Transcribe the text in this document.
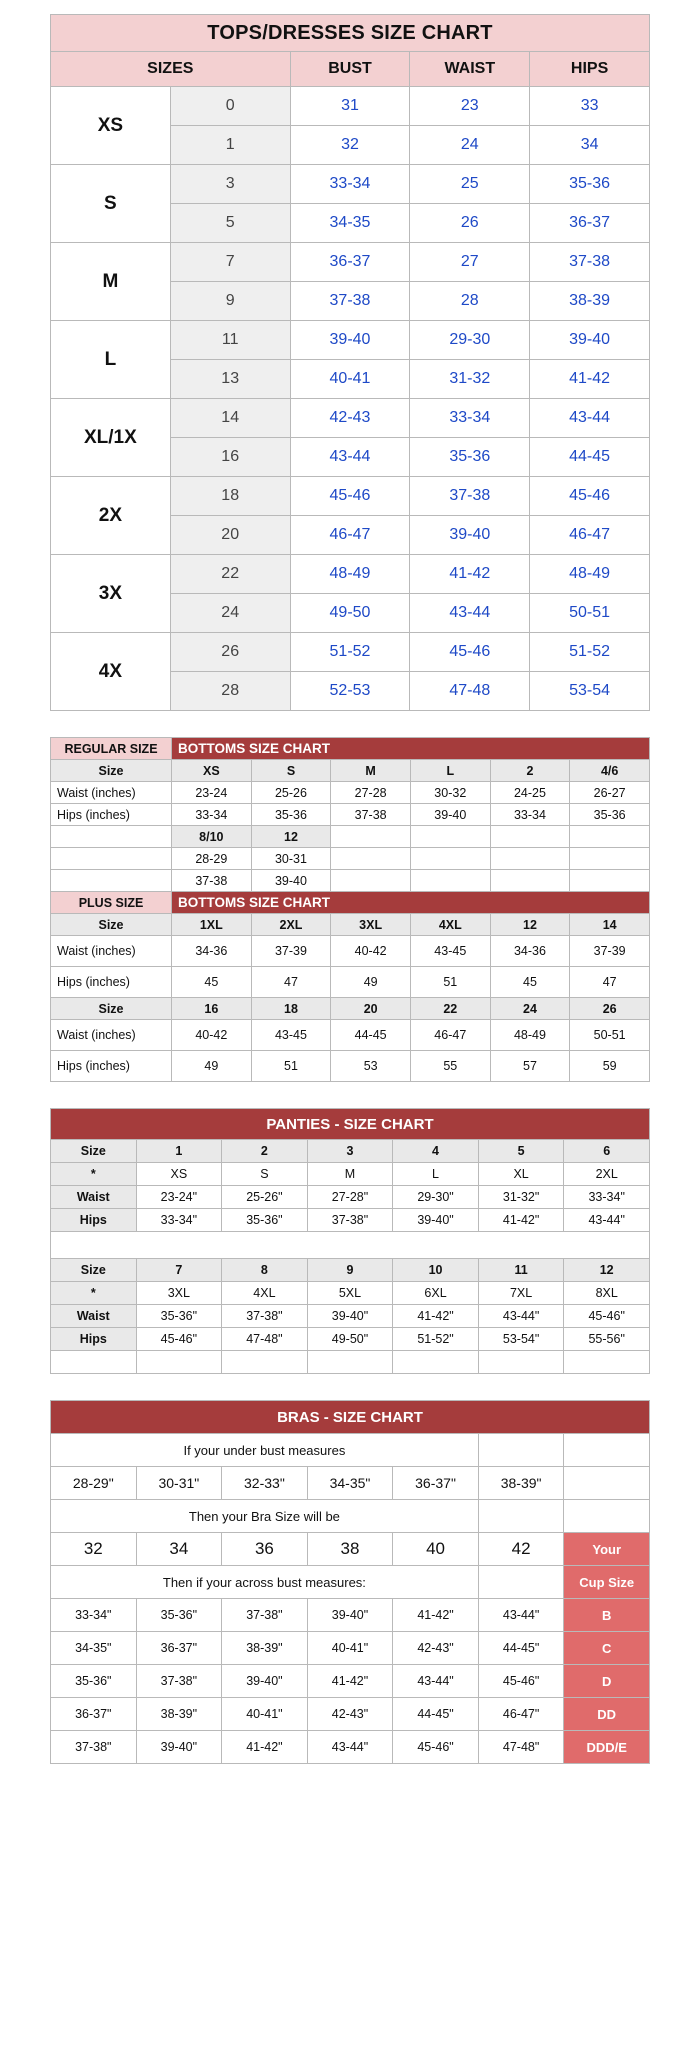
TOPS/DRESSES SIZE CHART				
SIZES		BUST	WAIST	HIPS
XS	0	31	23	33
	1	32	24	34
S	3	33-34	25	35-36
	5	34-35	26	36-37
M	7	36-37	27	37-38
	9	37-38	28	38-39
L	11	39-40	29-30	39-40
	13	40-41	31-32	41-42
XL/1X	14	42-43	33-34	43-44
	16	43-44	35-36	44-45
2X	18	45-46	37-38	45-46
	20	46-47	39-40	46-47
3X	22	48-49	41-42	48-49
	24	49-50	43-44	50-51
4X	26	51-52	45-46	51-52
	28	52-53	47-48	53-54
REGULAR SIZE	BOTTOMS SIZE CHART					
Size	XS	S	M	L	2	4/6
Waist (inches)	23-24	25-26	27-28	30-32	24-25	26-27
Hips (inches)	33-34	35-36	37-38	39-40	33-34	35-36
	8/10	12				
	28-29	30-31				
	37-38	39-40				
PLUS SIZE	BOTTOMS SIZE CHART					
Size	1XL	2XL	3XL	4XL	12	14
Waist (inches)	34-36	37-39	40-42	43-45	34-36	37-39
Hips (inches)	45	47	49	51	45	47
Size	16	18	20	22	24	26
Waist (inches)	40-42	43-45	44-45	46-47	48-49	50-51
Hips (inches)	49	51	53	55	57	59
PANTIES - SIZE CHART						
Size	1	2	3	4	5	6
*	XS	S	M	L	XL	2XL
Waist	23-24"	25-26"	27-28"	29-30"	31-32"	33-34"
Hips	33-34"	35-36"	37-38"	39-40"	41-42"	43-44"

Size	7	8	9	10	11	12
*	3XL	4XL	5XL	6XL	7XL	8XL
Waist	35-36"	37-38"	39-40"	41-42"	43-44"	45-46"
Hips	45-46"	47-48"	49-50"	51-52"	53-54"	55-56"

BRAS - SIZE CHART						
If your under bust measures						
28-29"	30-31"	32-33"	34-35"	36-37"	38-39"	
Then your Bra Size will be						
32	34	36	38	40	42	Your
Then if your across bust measures:						Cup Size
33-34"	35-36"	37-38"	39-40"	41-42"	43-44"	B
34-35"	36-37"	38-39"	40-41"	42-43"	44-45"	C
35-36"	37-38"	39-40"	41-42"	43-44"	45-46"	D
36-37"	38-39"	40-41"	42-43"	44-45"	46-47"	DD
37-38"	39-40"	41-42"	43-44"	45-46"	47-48"	DDD/E
